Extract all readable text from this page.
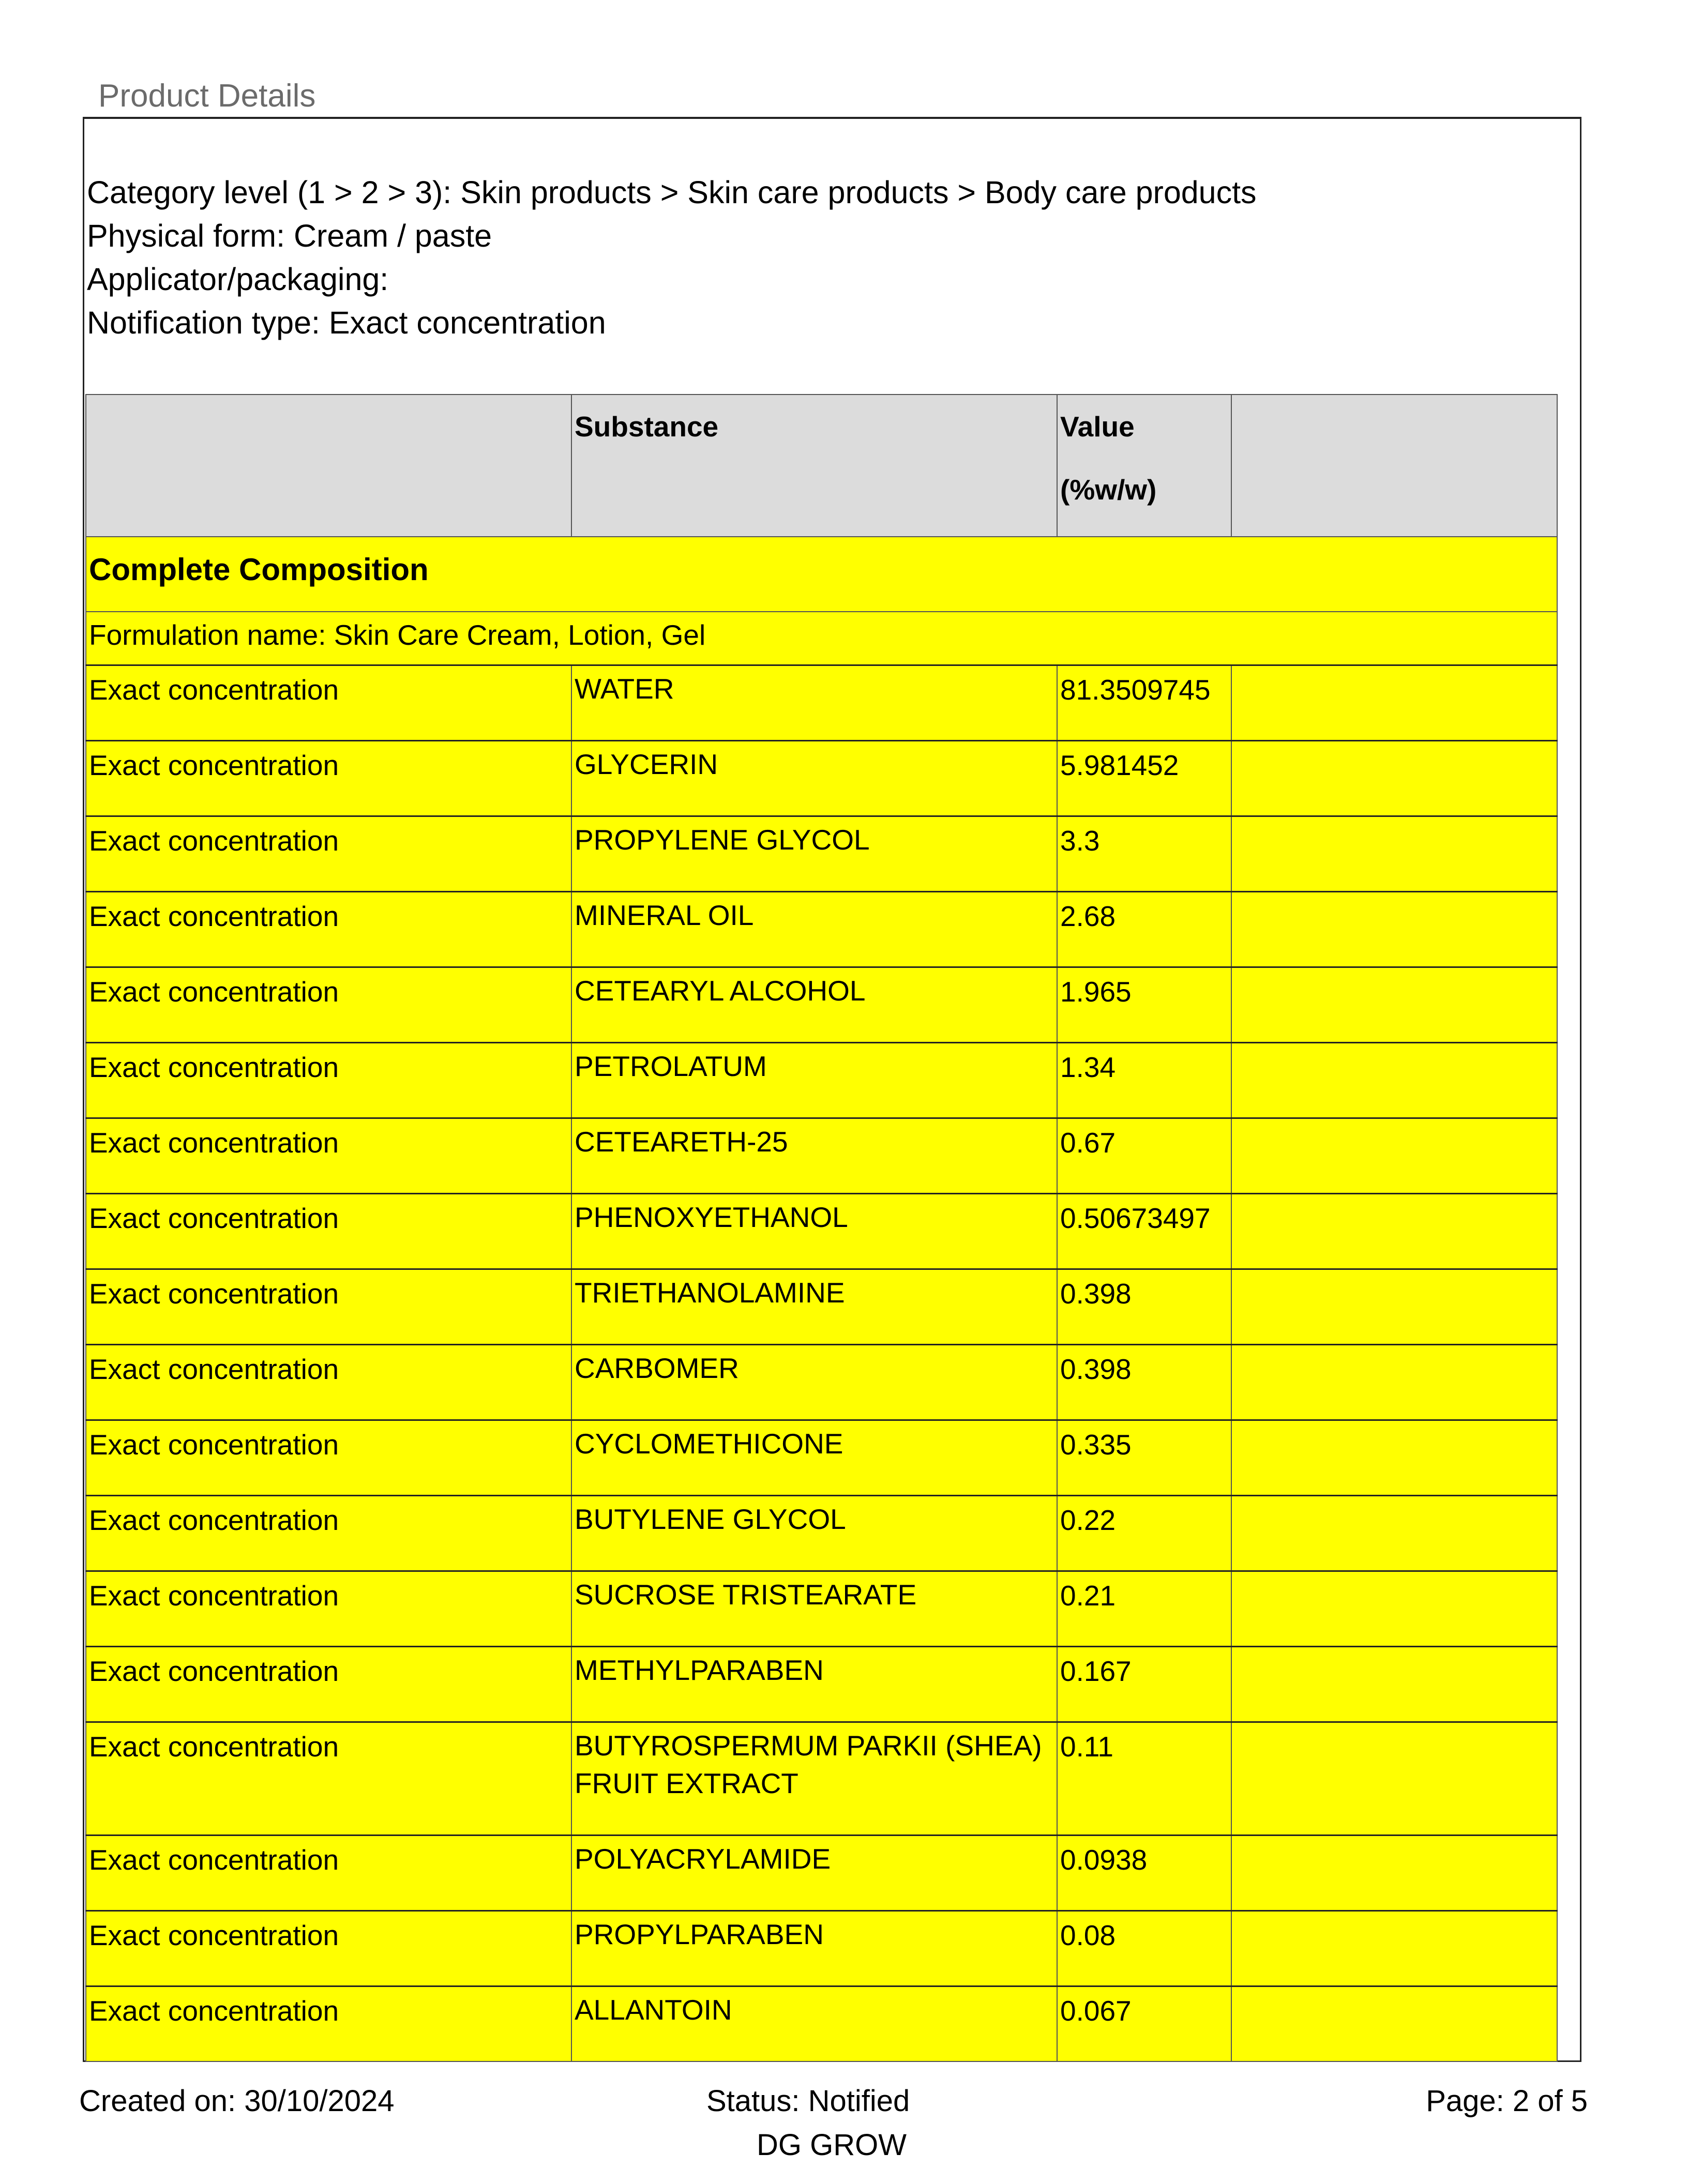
Product Details
Category level (1 > 2 > 3): Skin products > Skin care products > Body care products
Physical form: Cream / paste
Applicator/packaging:
Notification type: Exact concentration
	Substance	Value (%w/w)	
Complete Composition			
Formulation name: Skin Care Cream, Lotion, Gel			
Exact concentration	WATER	81.3509745	
Exact concentration	GLYCERIN	5.981452	
Exact concentration	PROPYLENE GLYCOL	3.3	
Exact concentration	MINERAL OIL	2.68	
Exact concentration	CETEARYL ALCOHOL	1.965	
Exact concentration	PETROLATUM	1.34	
Exact concentration	CETEARETH-25	0.67	
Exact concentration	PHENOXYETHANOL	0.50673497	
Exact concentration	TRIETHANOLAMINE	0.398	
Exact concentration	CARBOMER	0.398	
Exact concentration	CYCLOMETHICONE	0.335	
Exact concentration	BUTYLENE GLYCOL	0.22	
Exact concentration	SUCROSE TRISTEARATE	0.21	
Exact concentration	METHYLPARABEN	0.167	
Exact concentration	BUTYROSPERMUM PARKII (SHEA) FRUIT EXTRACT	0.11	
Exact concentration	POLYACRYLAMIDE	0.0938	
Exact concentration	PROPYLPARABEN	0.08	
Exact concentration	ALLANTOIN	0.067	
Created on: 30/10/2024	Status: Notified
DG GROW
Page: 2 of 5
